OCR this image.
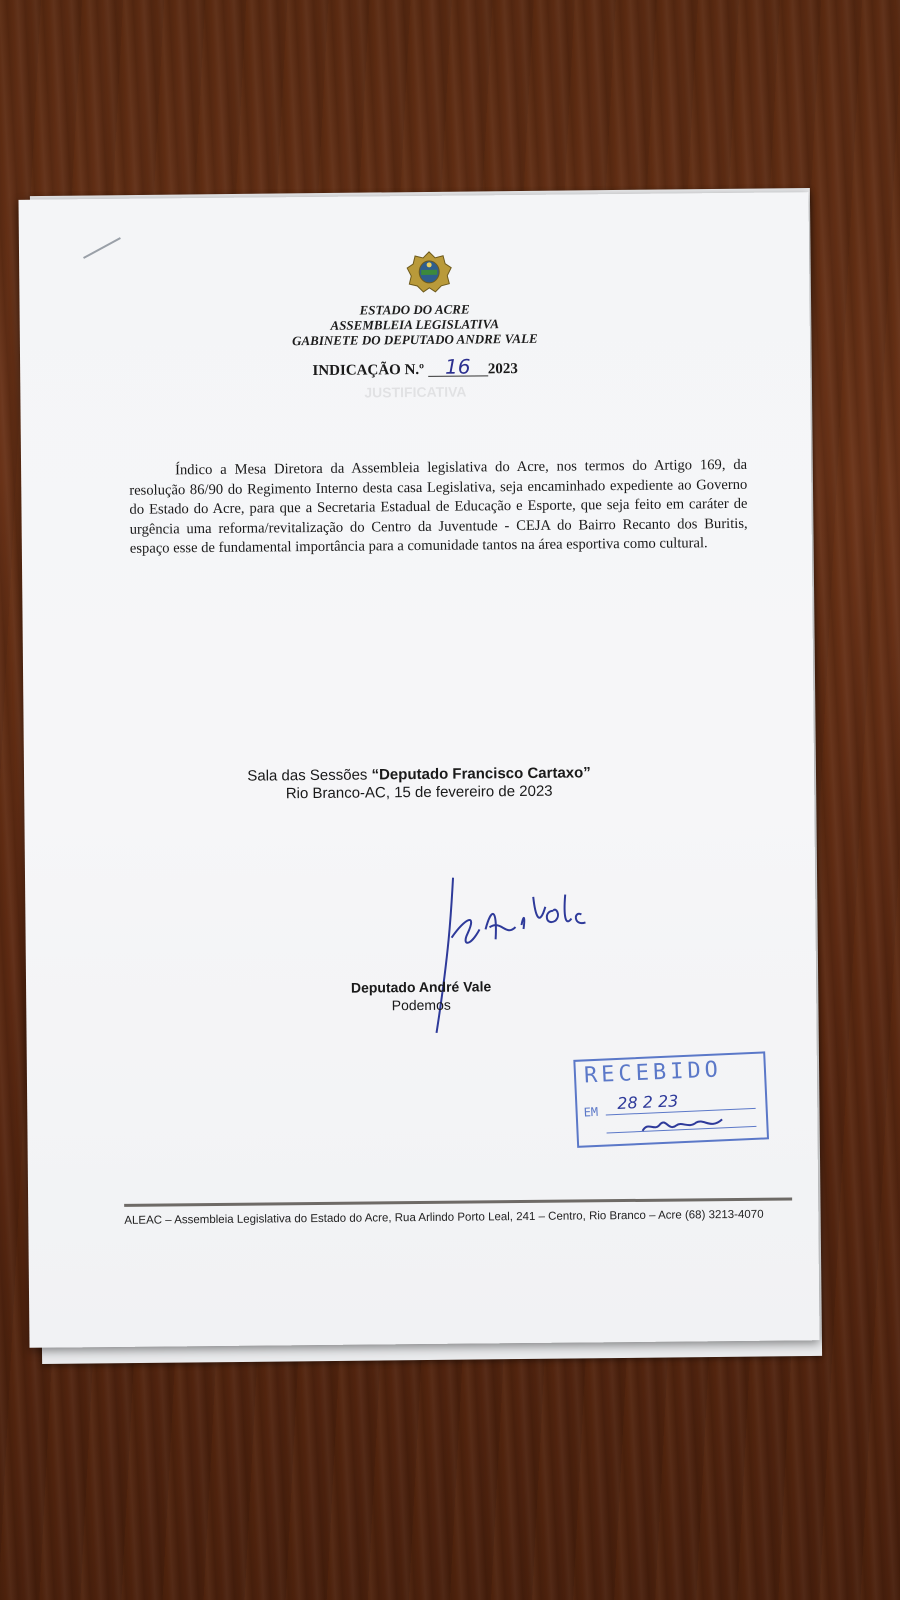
ESTADO DO ACRE
ASSEMBLEIA LEGISLATIVA
GABINETE DO DEPUTADO ANDRE VALE
INDICAÇÃO N.º 16 2023
JUSTIFICATIVA
Índico a Mesa Diretora da Assembleia legislativa do Acre, nos termos do Artigo 169, da resolução 86/90 do Regimento Interno desta casa Legislativa, seja encaminhado expediente ao Governo do Estado do Acre, para que a Secretaria Estadual de Educação e Esporte, que seja feito em caráter de urgência uma reforma/revitalização do Centro da Juventude - CEJA do Bairro Recanto dos Buritis, espaço esse de fundamental importância para a comunidade tantos na área esportiva como cultural.
Sala das Sessões “Deputado Francisco Cartaxo”
Rio Branco-AC, 15 de fevereiro de 2023
Deputado André Vale
Podemos
RECEBIDO
EM 28 2 23
ALEAC – Assembleia Legislativa do Estado do Acre, Rua Arlindo Porto Leal, 241 – Centro, Rio Branco – Acre (68) 3213-4070
